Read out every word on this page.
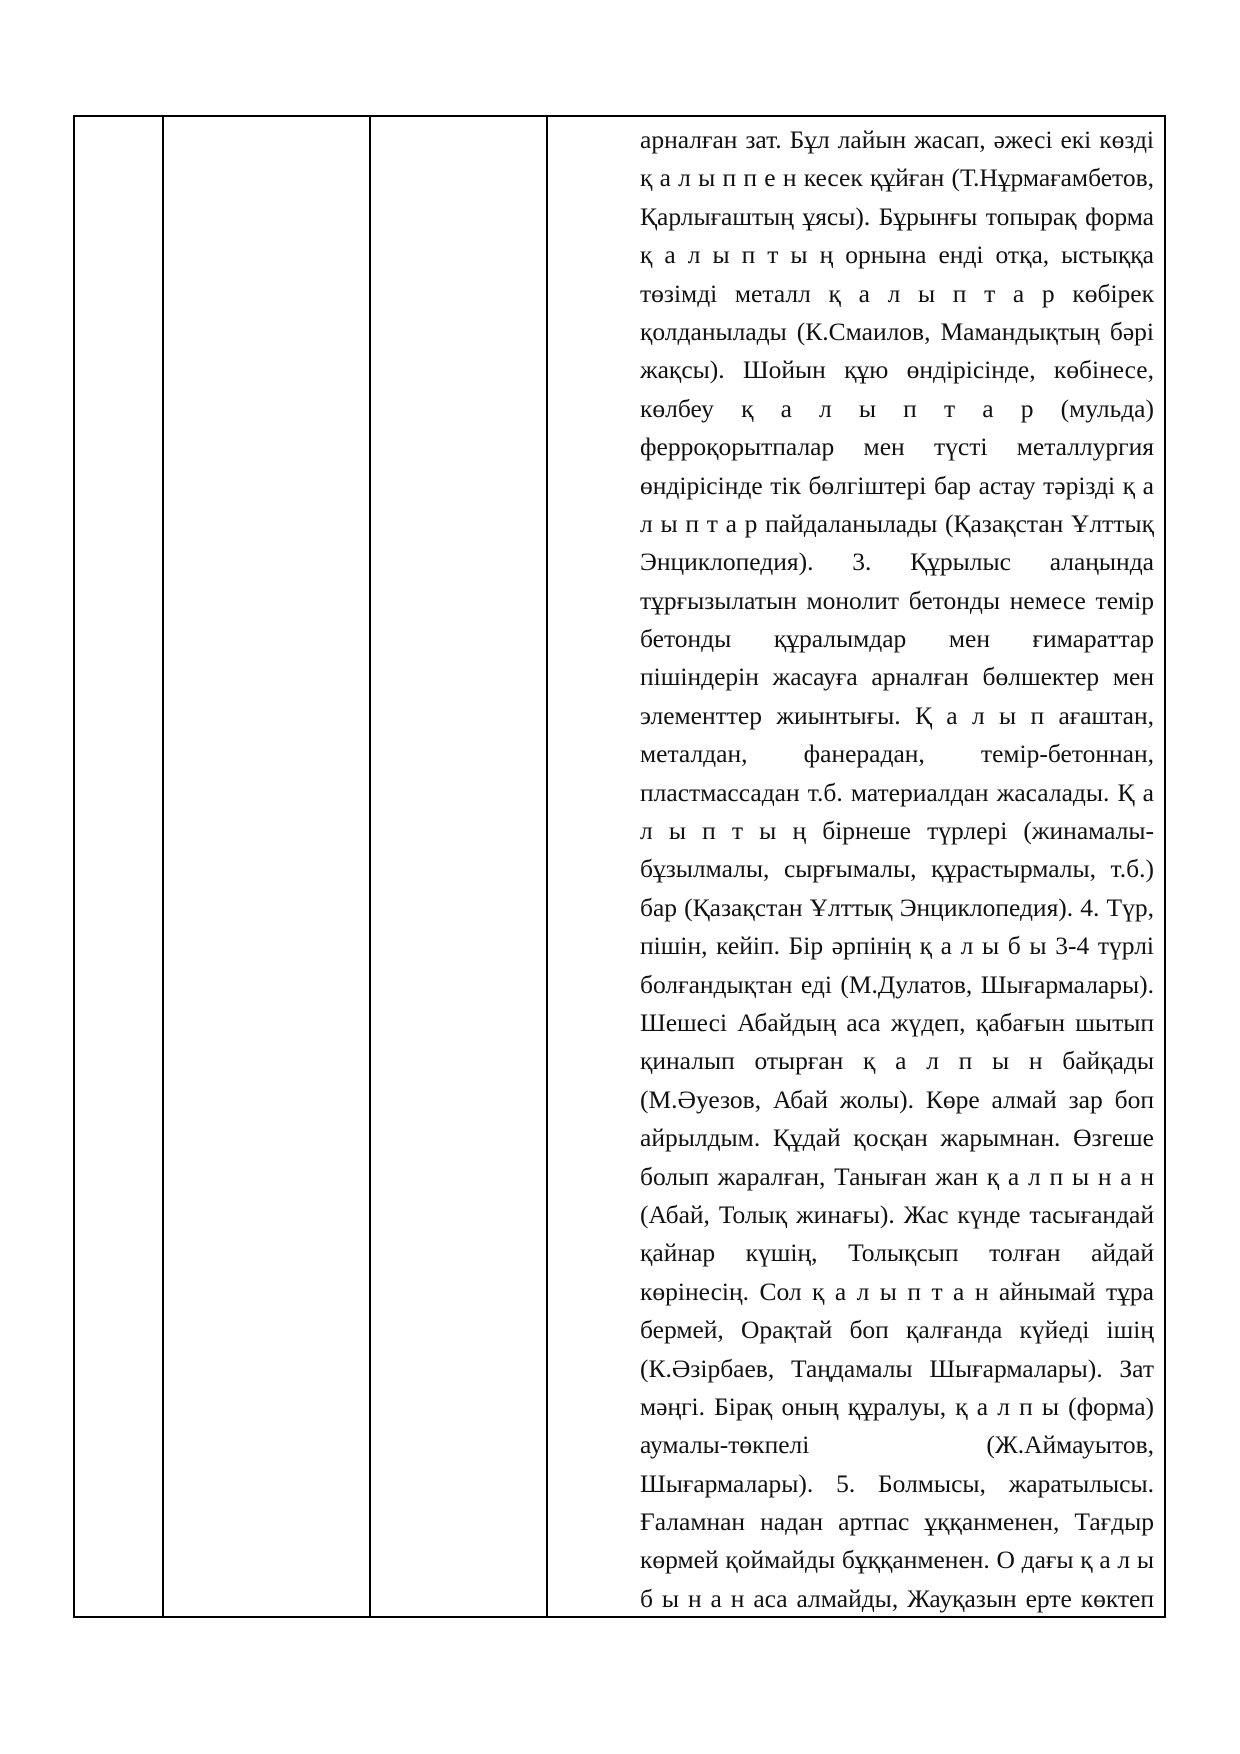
арналған зат. Бұл лайын жасап, әжесі екі көзді
қ а л ы п п е н кесек құйған (Т.Нұрмағамбетов,
Қарлығаштың ұясы). Бұрынғы топырақ форма
қ а л ы п т ы ң орнына енді отқа, ыстыққа
төзімді металл қ а л ы п т а р көбірек
қолданылады (К.Смаилов, Мамандықтың бәрі
жақсы). Шойын құю өндірісінде, көбінесе,
көлбеу қ а л ы п т а р (мульда)
ферроқорытпалар мен түсті металлургия
өндірісінде тік бөлгіштері бар астау тәрізді қ а
л ы п т а р пайдаланылады (Қазақстан Ұлттық
Энциклопедия). 3. Құрылыс алаңында
тұрғызылатын монолит бетонды немесе темір
бетонды құралымдар мен ғимараттар
пішіндерін жасауға арналған бөлшектер мен
элементтер жиынтығы. Қ а л ы п ағаштан,
металдан, фанерадан, темір-бетоннан,
пластмассадан т.б. материалдан жасалады. Қ а
л ы п т ы ң бірнеше түрлері (жинамалы-
бұзылмалы, сырғымалы, құрастырмалы, т.б.)
бар (Қазақстан Ұлттық Энциклопедия). 4. Түр,
пішін, кейіп. Бір әрпінің қ а л ы б ы 3-4 түрлі
болғандықтан еді (М.Дулатов, Шығармалары).
Шешесі Абайдың аса жүдеп, қабағын шытып
қиналып отырған қ а л п ы н байқады
(М.Әуезов, Абай жолы). Көре алмай зар боп
айрылдым. Құдай қосқан жарымнан. Өзгеше
болып жаралған, Таныған жан қ а л п ы н а н
(Абай, Толық жинағы). Жас күнде тасығандай
қайнар күшің, Толықсып толған айдай
көрінесің. Сол қ а л ы п т а н айнымай тұра
бермей, Орақтай боп қалғанда күйеді ішің
(К.Әзірбаев, Таңдамалы Шығармалары). Зат
мәңгі. Бірақ оның құралуы, қ а л п ы (форма)
аумалы-төкпелі (Ж.Аймауытов,
Шығармалары). 5. Болмысы, жаратылысы.
Ғаламнан надан артпас ұққанменен, Тағдыр
көрмей қоймайды бұққанменен. О дағы қ а л ы
б ы н а н аса алмайды, Жауқазын ерте көктеп
